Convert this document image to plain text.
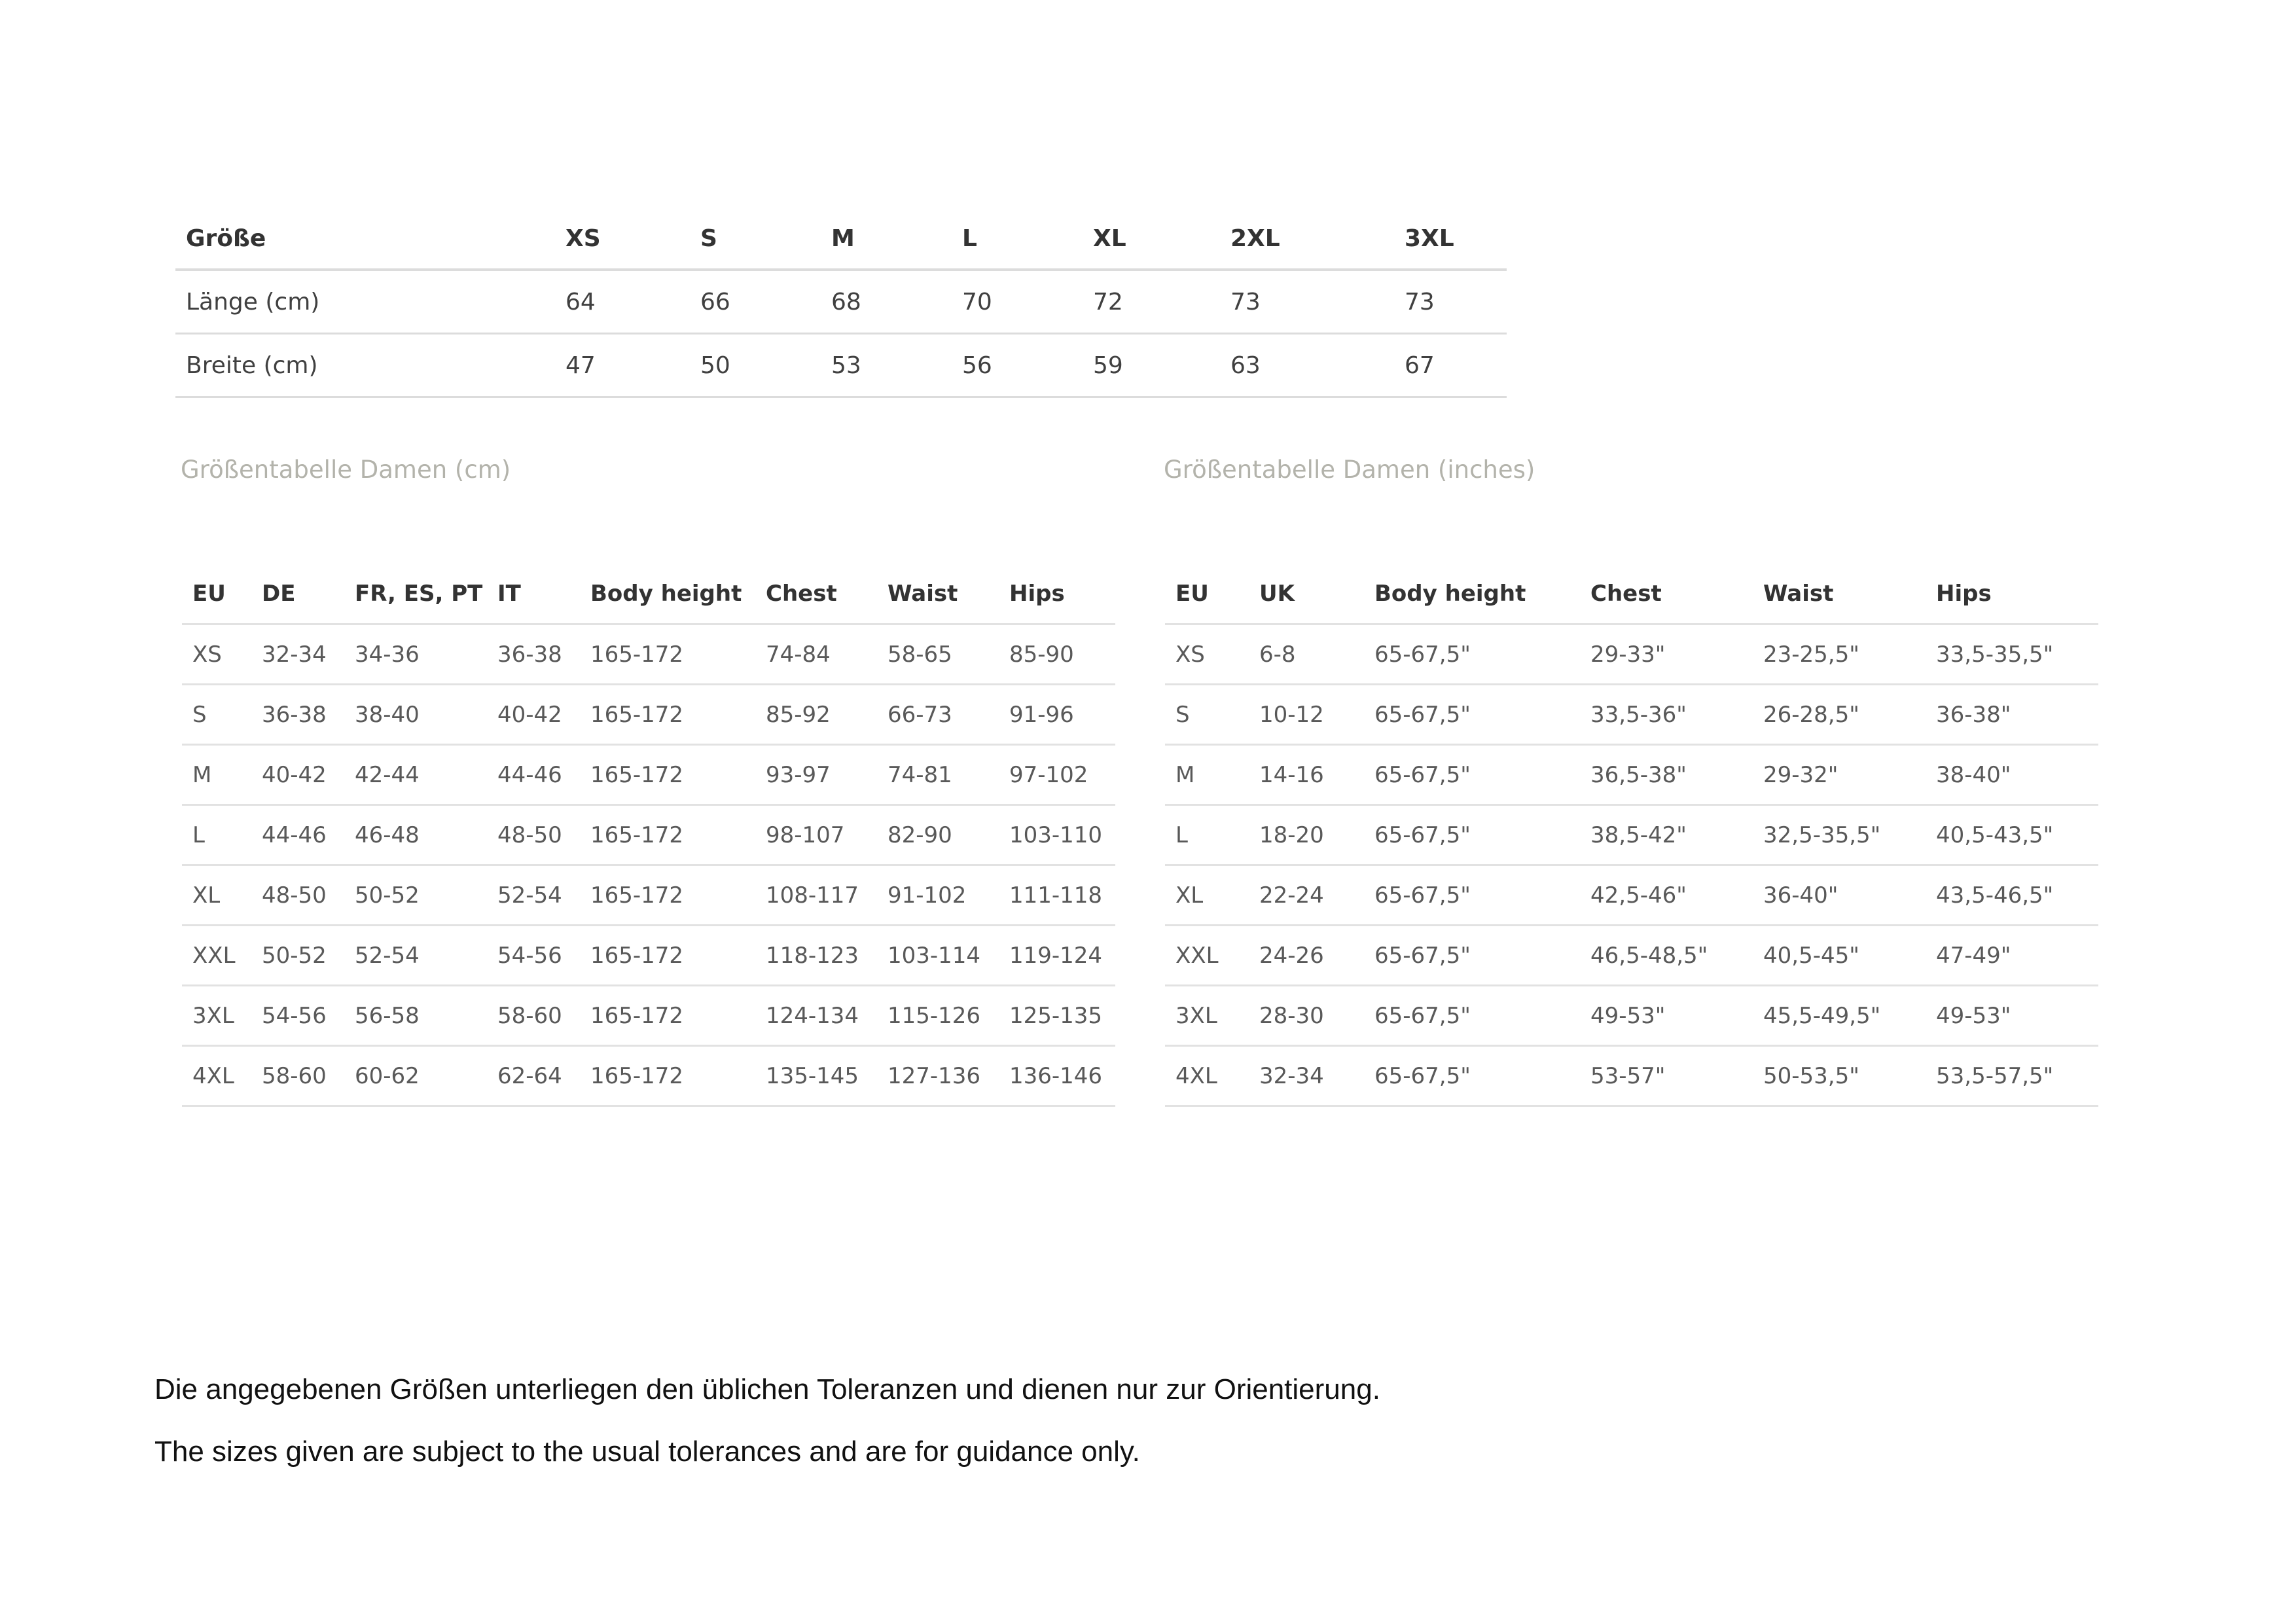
Größe	XS	S	M	L	XL	2XL	3XL
Länge (cm)	64	66	68	70	72	73	73
Breite (cm)	47	50	53	56	59	63	67
Größentabelle Damen (cm)	Größentabelle Damen (inches)
EU	DE	FR, ES, PT	IT	Body height	Chest	Waist	Hips
XS	32-34	34-36	36-38	165-172	74-84	58-65	85-90
S	36-38	38-40	40-42	165-172	85-92	66-73	91-96
M	40-42	42-44	44-46	165-172	93-97	74-81	97-102
L	44-46	46-48	48-50	165-172	98-107	82-90	103-110
XL	48-50	50-52	52-54	165-172	108-117	91-102	111-118
XXL	50-52	52-54	54-56	165-172	118-123	103-114	119-124
3XL	54-56	56-58	58-60	165-172	124-134	115-126	125-135
4XL	58-60	60-62	62-64	165-172	135-145	127-136	136-146
EU	UK	Body height	Chest	Waist	Hips
XS	6-8	65-67,5"	29-33"	23-25,5"	33,5-35,5"
S	10-12	65-67,5"	33,5-36"	26-28,5"	36-38"
M	14-16	65-67,5"	36,5-38"	29-32"	38-40"
L	18-20	65-67,5"	38,5-42"	32,5-35,5"	40,5-43,5"
XL	22-24	65-67,5"	42,5-46"	36-40"	43,5-46,5"
XXL	24-26	65-67,5"	46,5-48,5"	40,5-45"	47-49"
3XL	28-30	65-67,5"	49-53"	45,5-49,5"	49-53"
4XL	32-34	65-67,5"	53-57"	50-53,5"	53,5-57,5"
Die angegebenen Größen unterliegen den üblichen Toleranzen und dienen nur zur Orientierung.
The sizes given are subject to the usual tolerances and are for guidance only.
